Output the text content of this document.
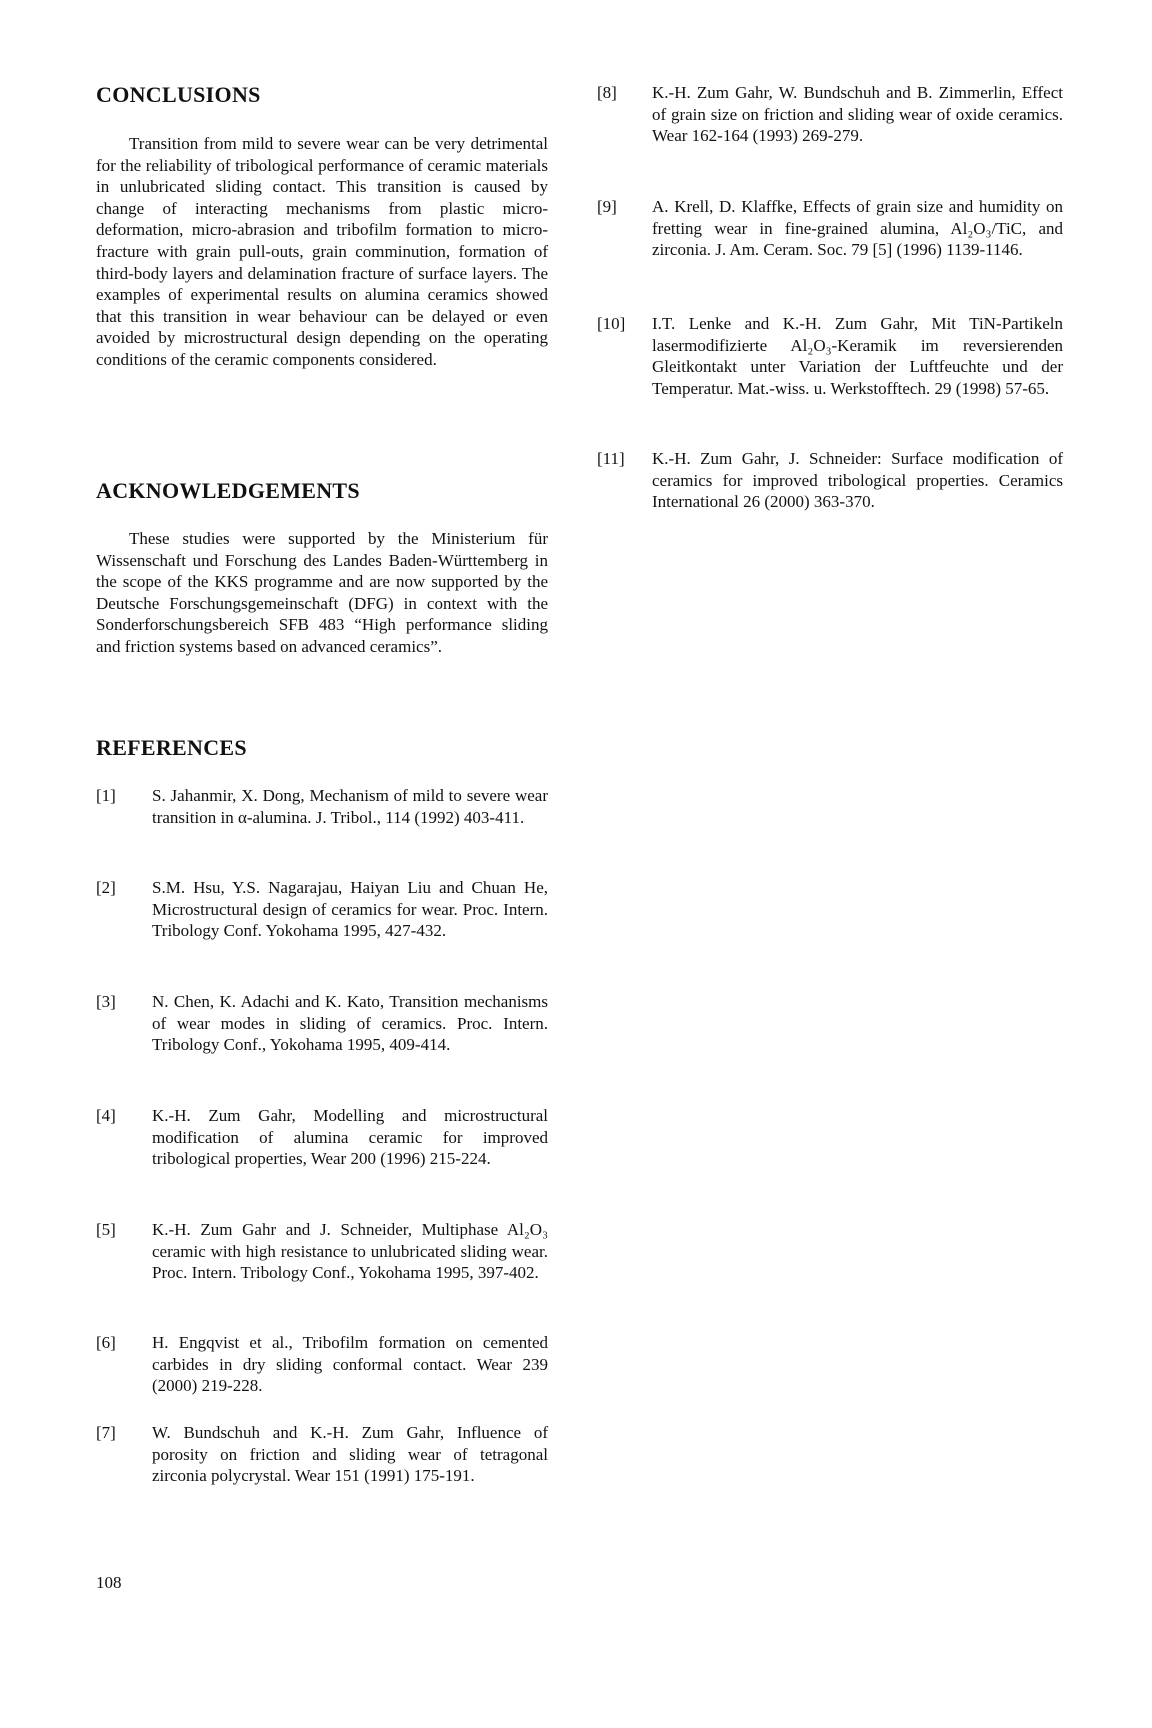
CONCLUSIONS

Transition from mild to severe wear can be very detrimental for the reliability of tribological performance of ceramic materials in unlubricated sliding contact. This transition is caused by change of interacting mechanisms from plastic micro-deformation, micro-abrasion and tribofilm formation to micro-fracture with grain pull-outs, grain comminution, formation of third-body layers and delamination fracture of surface layers. The examples of experimental results on alumina ceramics showed that this transition in wear behaviour can be delayed or even avoided by microstructural design depending on the operating conditions of the ceramic components considered.

ACKNOWLEDGEMENTS

These studies were supported by the Ministerium für Wissenschaft und Forschung des Landes Baden-Württemberg in the scope of the KKS programme and are now supported by the Deutsche Forschungsgemeinschaft (DFG) in context with the Sonderforschungsbereich SFB 483 “High performance sliding and friction systems based on advanced ceramics”.

REFERENCES
[1] S. Jahanmir, X. Dong, Mechanism of mild to severe wear transition in α-alumina. J. Tribol., 114 (1992) 403-411.

[2] S.M. Hsu, Y.S. Nagarajau, Haiyan Liu and Chuan He, Microstructural design of ceramics for wear. Proc. Intern. Tribology Conf. Yokohama 1995, 427-432.

[3] N. Chen, K. Adachi and K. Kato, Transition mechanisms of wear modes in sliding of ceramics. Proc. Intern. Tribology Conf., Yokohama 1995, 409-414.

[4] K.-H. Zum Gahr, Modelling and microstructural modification of alumina ceramic for improved tribological properties, Wear 200 (1996) 215-224.

[5] K.-H. Zum Gahr and J. Schneider, Multiphase Al₂O₃ ceramic with high resistance to unlubricated sliding wear. Proc. Intern. Tribology Conf., Yokohama 1995, 397-402.

[6] H. Engqvist et al., Tribofilm formation on cemented carbides in dry sliding conformal contact. Wear 239 (2000) 219-228.

[7] W. Bundschuh and K.-H. Zum Gahr, Influence of porosity on friction and sliding wear of tetragonal zirconia polycrystal. Wear 151 (1991) 175-191.

[8] K.-H. Zum Gahr, W. Bundschuh and B. Zimmerlin, Effect of grain size on friction and sliding wear of oxide ceramics. Wear 162-164 (1993) 269-279.

[9] A. Krell, D. Klaffke, Effects of grain size and humidity on fretting wear in fine-grained alumina, Al₂O₃/TiC, and zirconia. J. Am. Ceram. Soc. 79 [5] (1996) 1139-1146.

[10] I.T. Lenke and K.-H. Zum Gahr, Mit TiN-Partikeln lasermodifizierte Al₂O₃-Keramik im reversierenden Gleitkontakt unter Variation der Luftfeuchte und der Temperatur. Mat.-wiss. u. Werkstofftech. 29 (1998) 57-65.

[11] K.-H. Zum Gahr, J. Schneider: Surface modification of ceramics for improved tribological properties. Ceramics International 26 (2000) 363-370.

108
